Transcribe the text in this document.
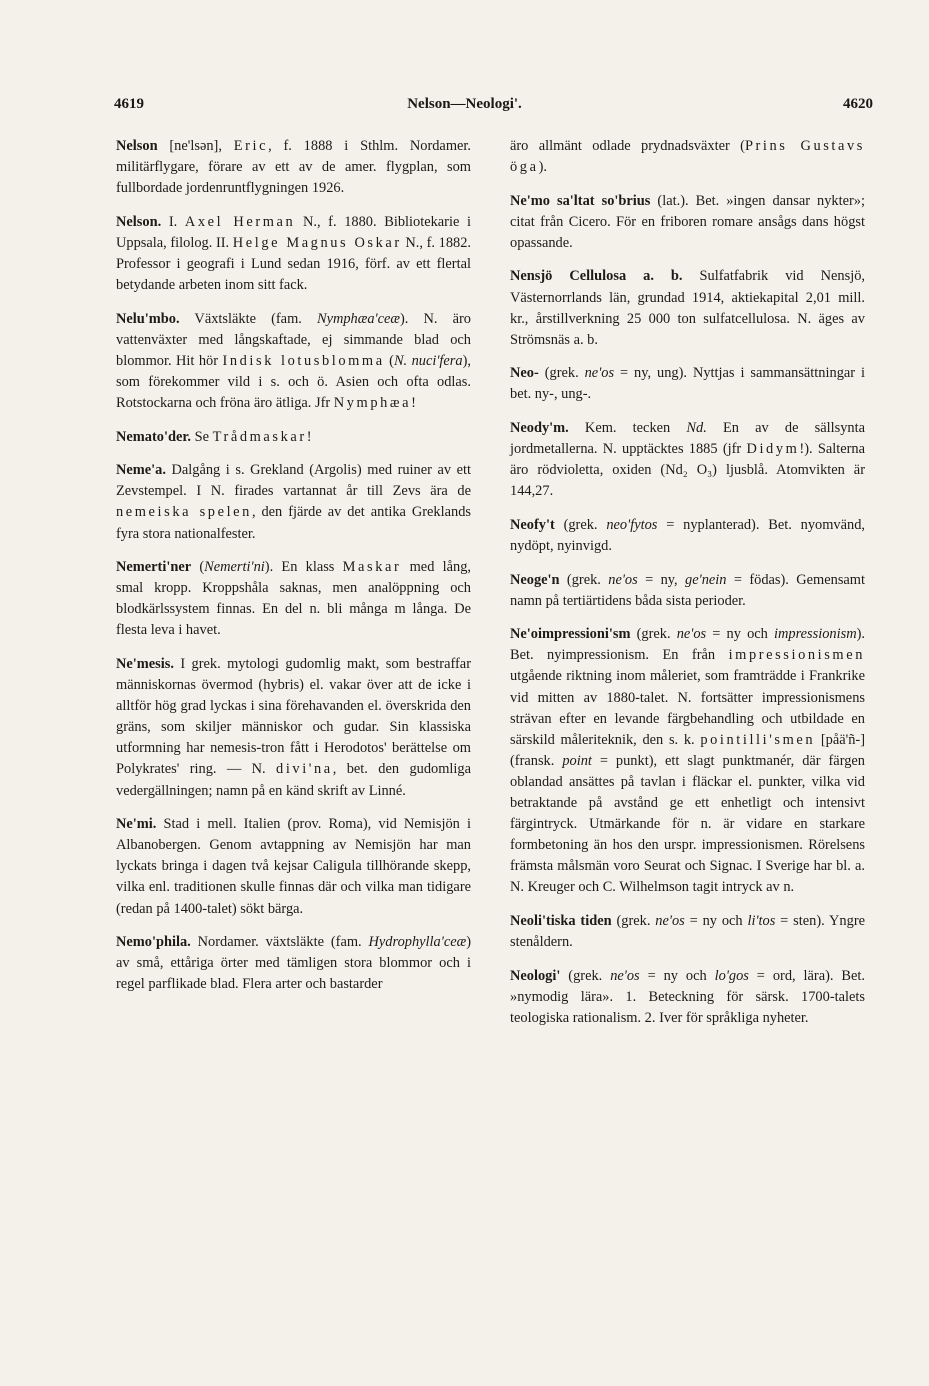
4619	Nelson—Neologi'.	4620

Nelson [ne'lsən], Eric, f. 1888 i Sthlm. Nordamer. militärflygare, förare av ett av de amer. flygplan, som fullbordade jordenruntflygningen 1926.

Nelson. I. Axel Herman N., f. 1880. Bibliotekarie i Uppsala, filolog. II. Helge Magnus Oskar N., f. 1882. Professor i geografi i Lund sedan 1916, förf. av ett flertal betydande arbeten inom sitt fack.

Nelu'mbo. Växtsläkte (fam. Nymphæa'ceæ). N. äro vattenväxter med långskaftade, ej simmande blad och blommor. Hit hör Indisk lotusblomma (N. nuci'fera), som förekommer vild i s. och ö. Asien och ofta odlas. Rotstockarna och fröna äro ätliga. Jfr Nymphæa!

Nemato'der. Se Trådmaskar!

Neme'a. Dalgång i s. Grekland (Argolis) med ruiner av ett Zevstempel. I N. firades vartannat år till Zevs ära de nemeiska spelen, den fjärde av det antika Greklands fyra stora nationalfester.

Nemerti'ner (Nemerti'ni). En klass Maskar med lång, smal kropp. Kroppshåla saknas, men analöppning och blodkärlssystem finnas. En del n. bli många m långa. De flesta leva i havet.

Ne'mesis. I grek. mytologi gudomlig makt, som bestraffar människornas övermod (hybris) el. vakar över att de icke i alltför hög grad lyckas i sina förehavanden el. överskrida den gräns, som skiljer människor och gudar. Sin klassiska utformning har nemesis-tron fått i Herodotos' berättelse om Polykrates' ring. — N. divi'na, bet. den gudomliga vedergällningen; namn på en känd skrift av Linné.

Ne'mi. Stad i mell. Italien (prov. Roma), vid Nemisjön i Albanobergen. Genom avtappning av Nemisjön har man lyckats bringa i dagen två kejsar Caligula tillhörande skepp, vilka enl. traditionen skulle finnas där och vilka man tidigare (redan på 1400-talet) sökt bärga.

Nemo'phila. Nordamer. växtsläkte (fam. Hydrophylla'ceæ) av små, ettåriga örter med tämligen stora blommor och i regel parflikade blad. Flera arter och bastarder

äro allmänt odlade prydnadsväxter (Prins Gustavs öga).

Ne'mo sa'ltat so'brius (lat.). Bet. »ingen dansar nykter»; citat från Cicero. För en friboren romare ansågs dans högst opassande.

Nensjö Cellulosa a. b. Sulfatfabrik vid Nensjö, Västernorrlands län, grundad 1914, aktiekapital 2,01 mill. kr., årstillverkning 25 000 ton sulfatcellulosa. N. äges av Strömsnäs a. b.

Neo- (grek. ne'os = ny, ung). Nyttjas i sammansättningar i bet. ny-, ung-.

Neody'm. Kem. tecken Nd. En av de sällsynta jordmetallerna. N. upptäcktes 1885 (jfr Didym!). Salterna äro rödvioletta, oxiden (Nd₂ O₃) ljusblå. Atomvikten är 144,27.

Neofy't (grek. neo'fytos = nyplanterad). Bet. nyomvänd, nydöpt, nyinvigd.

Neoge'n (grek. ne'os = ny, ge'nein = födas). Gemensamt namn på tertiärtidens båda sista perioder.

Ne'oimpressioni'sm (grek. ne'os = ny och impressionism). Bet. nyimpressionism. En från impressionismen utgående riktning inom måleriet, som framträdde i Frankrike vid mitten av 1880-talet. N. fortsätter impressionismens strävan efter en levande färgbehandling och utbildade en särskild måleriteknik, den s. k. pointilli'smen [påä'ñ-] (fransk. point = punkt), ett slagt punktmanér, där färgen oblandad ansättes på tavlan i fläckar el. punkter, vilka vid betraktande på avstånd ge ett enhetligt och intensivt färgintryck. Utmärkande för n. är vidare en starkare formbetoning än hos den urspr. impressionismen. Rörelsens främsta målsmän voro Seurat och Signac. I Sverige har bl. a. N. Kreuger och C. Wilhelmson tagit intryck av n.

Neoli'tiska tiden (grek. ne'os = ny och li'tos = sten). Yngre stenåldern.

Neologi' (grek. ne'os = ny och lo'gos = ord, lära). Bet. »nymodig lära». 1. Beteckning för särsk. 1700-talets teologiska rationalism. 2. Iver för språkliga nyheter.
